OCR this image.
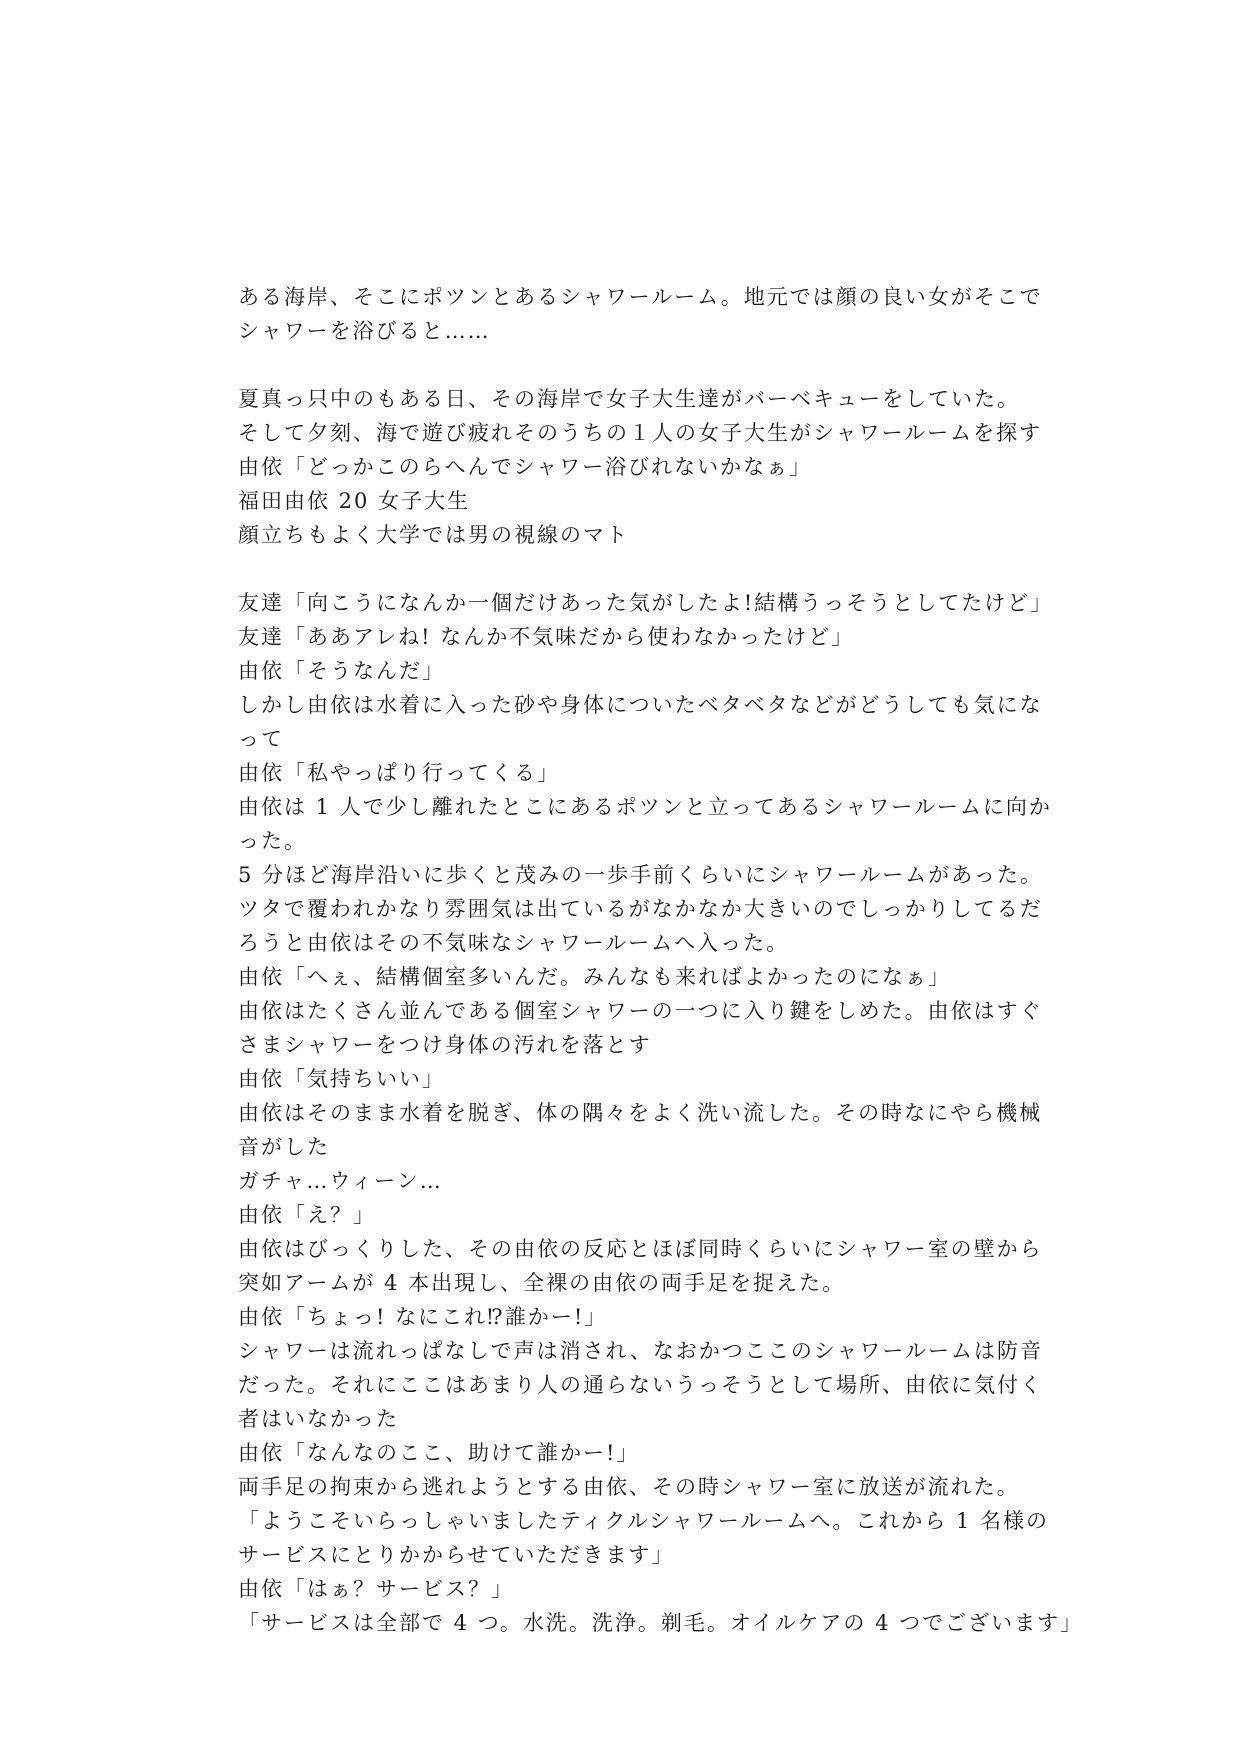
ある海岸、そこにポツンとあるシャワールーム。地元では顔の良い女がそこで
シャワーを浴びると……
夏真っ只中のもある日、その海岸で女子大生達がバーベキューをしていた。
そして夕刻、海で遊び疲れそのうちの１人の女子大生がシャワールームを探す
由依「どっかこのらへんでシャワー浴びれないかなぁ」
福田由依 20 女子大生
顔立ちもよく大学では男の視線のマト
友達「向こうになんか一個だけあった気がしたよ!結構うっそうとしてたけど」
友達「ああアレね! なんか不気味だから使わなかったけど」
由依「そうなんだ」
しかし由依は水着に入った砂や身体についたベタベタなどがどうしても気にな
って
由依「私やっぱり行ってくる」
由依は 1 人で少し離れたとこにあるポツンと立ってあるシャワールームに向か
った。
5 分ほど海岸沿いに歩くと茂みの一歩手前くらいにシャワールームがあった。
ツタで覆われかなり雰囲気は出ているがなかなか大きいのでしっかりしてるだ
ろうと由依はその不気味なシャワールームへ入った。
由依「へぇ、結構個室多いんだ。みんなも来ればよかったのになぁ」
由依はたくさん並んである個室シャワーの一つに入り鍵をしめた。由依はすぐ
さまシャワーをつけ身体の汚れを落とす
由依「気持ちいい」
由依はそのまま水着を脱ぎ、体の隅々をよく洗い流した。その時なにやら機械
音がした
ガチャ…ウィーン…
由依「え？」
由依はびっくりした、その由依の反応とほぼ同時くらいにシャワー室の壁から
突如アームが 4 本出現し、全裸の由依の両手足を捉えた。
由依「ちょっ! なにこれ⁉誰かー!」
シャワーは流れっぱなしで声は消され、なおかつここのシャワールームは防音
だった。それにここはあまり人の通らないうっそうとして場所、由依に気付く
者はいなかった
由依「なんなのここ、助けて誰かー!」
両手足の拘束から逃れようとする由依、その時シャワー室に放送が流れた。
「ようこそいらっしゃいましたティクルシャワールームへ。これから 1 名様の
サービスにとりかからせていただきます」
由依「はぁ？サービス？」
「サービスは全部で 4 つ。水洗。洗浄。剃毛。オイルケアの 4 つでございます」
